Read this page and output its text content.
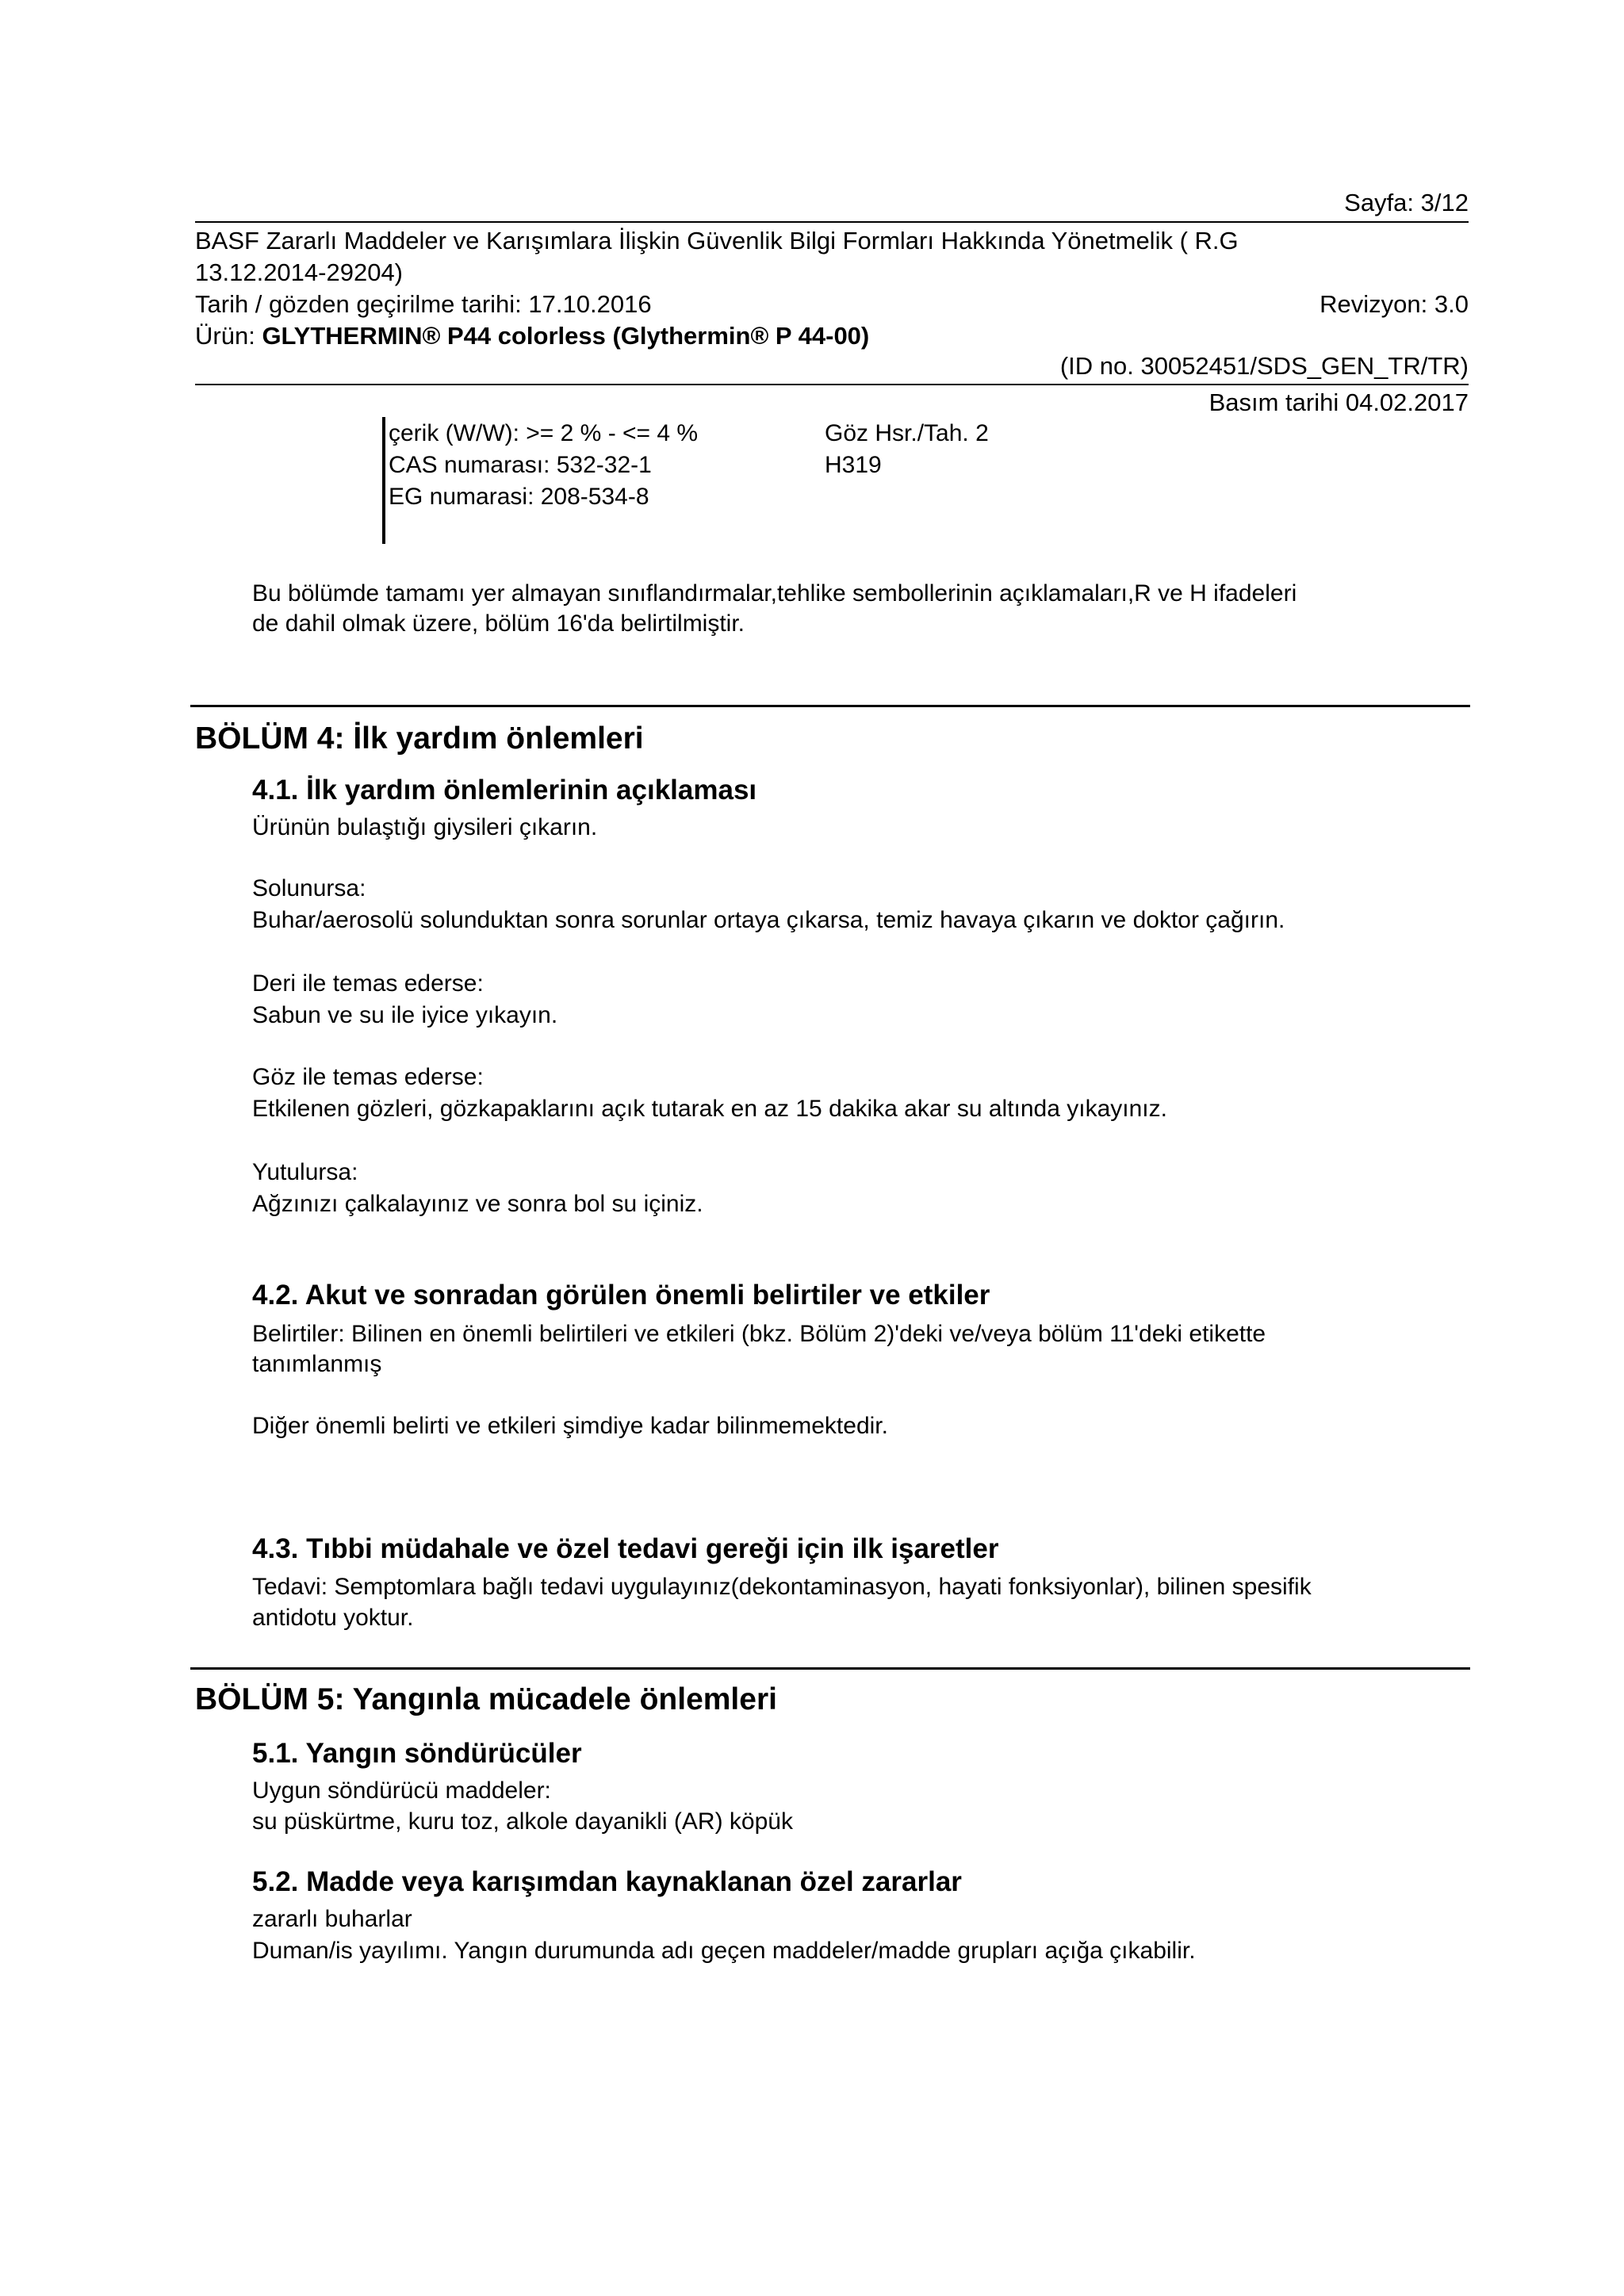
Sayfa: 3/12
BASF Zararlı Maddeler ve Karışımlara İlişkin Güvenlik Bilgi Formları Hakkında Yönetmelik ( R.G
13.12.2014-29204)
Tarih / gözden geçirilme tarihi: 17.10.2016	Revizyon: 3.0
Ürün: GLYTHERMIN® P44 colorless (Glythermin® P 44-00)
(ID no. 30052451/SDS_GEN_TR/TR)
Basım tarihi 04.02.2017
çerik (W/W): >= 2 % - <= 4 %
CAS numarası: 532-32-1
EG numarasi: 208-534-8
Göz Hsr./Tah. 2
H319
Bu bölümde tamamı yer almayan sınıflandırmalar,tehlike sembollerinin açıklamaları,R ve H ifadeleri
de dahil olmak üzere, bölüm 16'da belirtilmiştir.
BÖLÜM 4: İlk yardım önlemleri
4.1. İlk yardım önlemlerinin açıklaması
Ürünün bulaştığı giysileri çıkarın.
Solunursa:
Buhar/aerosolü solunduktan sonra sorunlar ortaya çıkarsa, temiz havaya çıkarın ve doktor çağırın.
Deri ile temas ederse:
Sabun ve su ile iyice yıkayın.
Göz ile temas ederse:
Etkilenen gözleri, gözkapaklarını açık tutarak en az 15 dakika akar su altında yıkayınız.
Yutulursa:
Ağzınızı çalkalayınız ve sonra bol su içiniz.
4.2. Akut ve sonradan görülen önemli belirtiler ve etkiler
Belirtiler: Bilinen en önemli belirtileri ve etkileri (bkz. Bölüm 2)'deki ve/veya bölüm 11'deki etikette
tanımlanmış
Diğer önemli belirti ve etkileri şimdiye kadar bilinmemektedir.
4.3. Tıbbi müdahale ve özel tedavi gereği için ilk işaretler
Tedavi: Semptomlara bağlı tedavi uygulayınız(dekontaminasyon, hayati fonksiyonlar), bilinen spesifik
antidotu yoktur.
BÖLÜM 5: Yangınla mücadele önlemleri
5.1. Yangın söndürücüler
Uygun söndürücü maddeler:
su püskürtme, kuru toz, alkole dayanikli (AR) köpük
5.2. Madde veya karışımdan kaynaklanan özel zararlar
zararlı buharlar
Duman/is yayılımı. Yangın durumunda adı geçen maddeler/madde grupları açığa çıkabilir.
